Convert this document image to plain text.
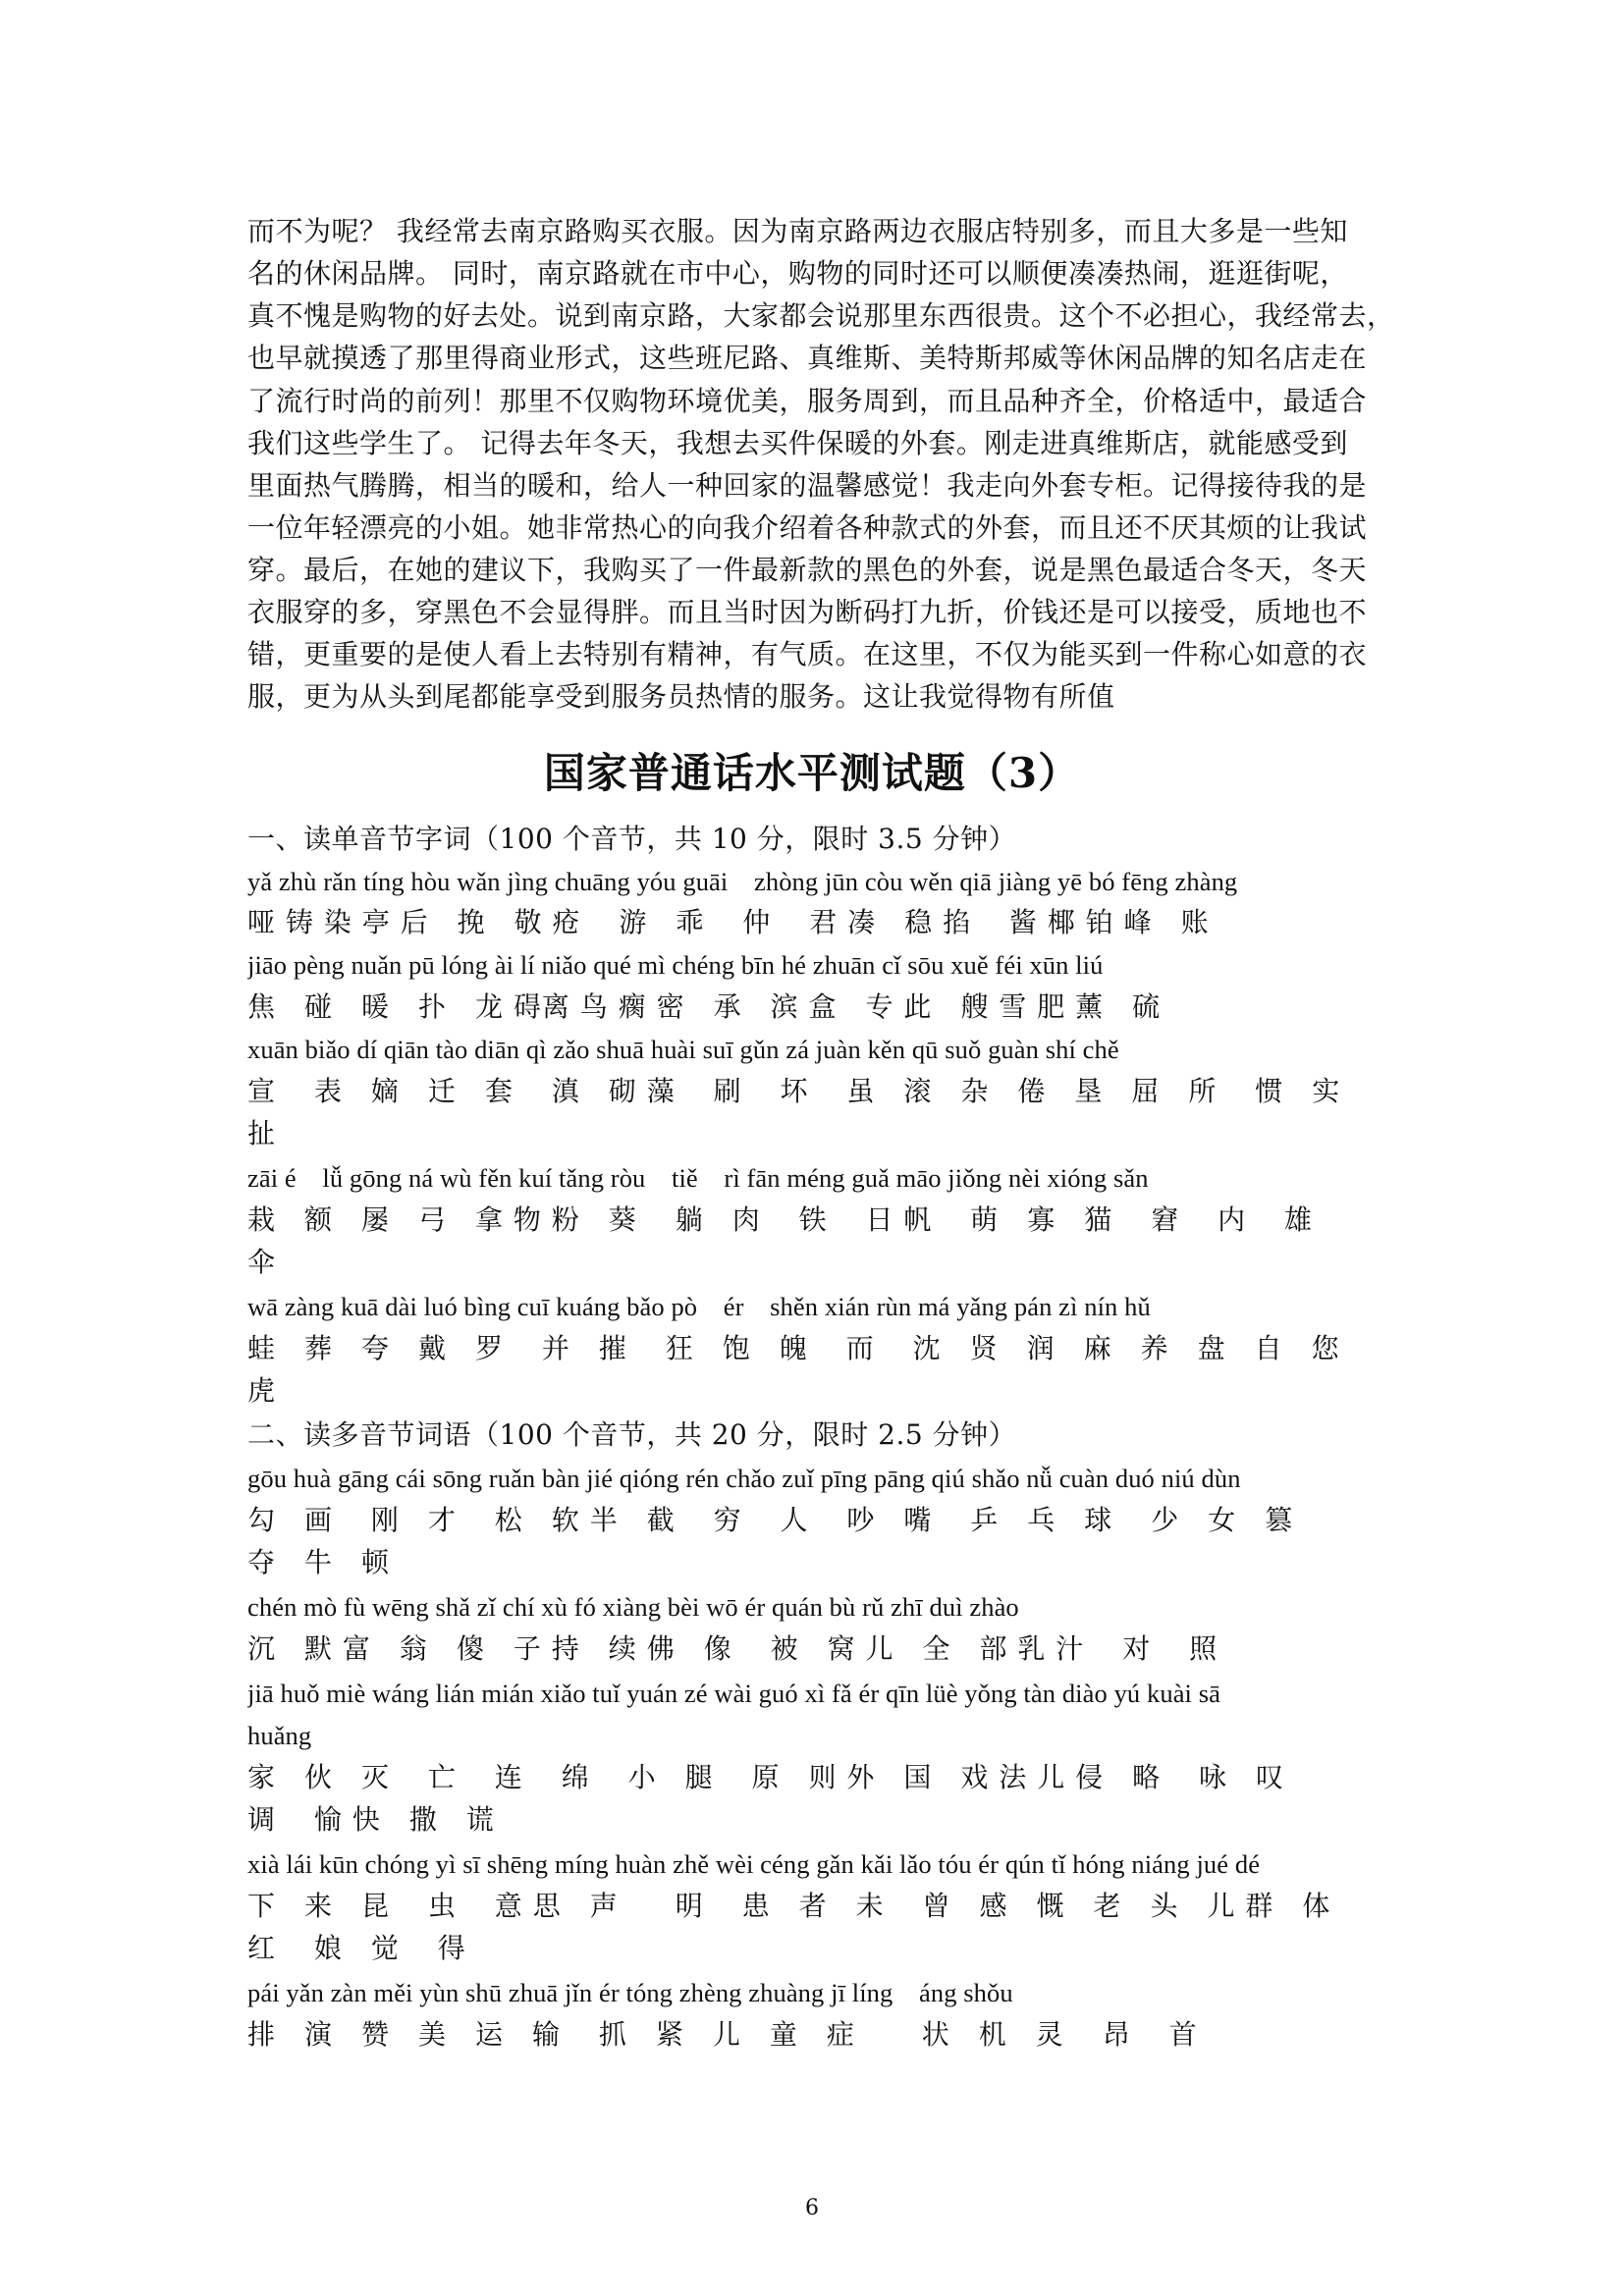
而不为呢？ 我经常去南京路购买衣服。因为南京路两边衣服店特别多，而且大多是一些知

名的休闲品牌。 同时，南京路就在市中心，购物的同时还可以顺便凑凑热闹，逛逛街呢，

真不愧是购物的好去处。说到南京路，大家都会说那里东西很贵。这个不必担心，我经常去，

也早就摸透了那里得商业形式，这些班尼路、真维斯、美特斯邦威等休闲品牌的知名店走在

了流行时尚的前列！那里不仅购物环境优美，服务周到，而且品种齐全，价格适中，最适合

我们这些学生了。 记得去年冬天，我想去买件保暖的外套。刚走进真维斯店，就能感受到

里面热气腾腾，相当的暖和，给人一种回家的温馨感觉！我走向外套专柜。记得接待我的是

一位年轻漂亮的小姐。她非常热心的向我介绍着各种款式的外套，而且还不厌其烦的让我试

穿。最后，在她的建议下，我购买了一件最新款的黑色的外套，说是黑色最适合冬天，冬天

衣服穿的多，穿黑色不会显得胖。而且当时因为断码打九折，价钱还是可以接受，质地也不

错，更重要的是使人看上去特别有精神，有气质。在这里，不仅为能买到一件称心如意的衣

服，更为从头到尾都能享受到服务员热情的服务。这让我觉得物有所值

国家普通话水平测试题（3）

一、读单音节字词（100 个音节，共 10 分，限时 3.5 分钟）

yǎ zhù rǎn tíng hòu wǎn jìng chuāng yóu guāi　zhòng jūn còu wěn qiā jiàng yē bó fēng zhàng

哑 铸 染 亭 后　挽　敬 疮　 游　乖　 仲　 君 凑　稳 掐　 酱 椰 铂 峰　账

jiāo pèng nuǎn pū lóng ài lí niǎo qué mì chéng bīn hé zhuān cǐ sōu xuě féi xūn liú

焦　碰　暖　扑　龙 碍离 鸟 瘸 密　承　滨 盒　专 此　艘 雪 肥 薰　硫

xuān biǎo dí qiān tào diān qì zǎo shuā huài suī gǔn zá juàn kěn qū suǒ guàn shí chě

宣　 表　嫡　迁　套　 滇　砌 藻　 刷　 坏　 虽　滚　杂　倦　垦　屈　所　 惯　实

扯

zāi é　lǚ gōng ná wù fěn kuí tǎng ròu　tiě　rì fān méng guǎ māo jiǒng nèi xióng sǎn

栽　额　屡　弓　拿 物 粉　葵　 躺　肉　 铁　 日 帆　 萌　寡　猫　 窘　 内　 雄

伞

wā zàng kuā dài luó bìng cuī kuáng bǎo pò　ér　shěn xián rùn má yǎng pán zì nín hǔ

蛙　葬　夸　戴　罗　 并　摧　 狂　饱　魄　 而　 沈　贤　润　麻　养　盘　自　您

虎

二、读多音节词语（100 个音节，共 20 分，限时 2.5 分钟）

gōu huà gāng cái sōng ruǎn bàn jié qióng rén chǎo zuǐ pīng pāng qiú shǎo nǚ cuàn duó niú dùn

勾　画　 刚　才　 松　软 半　截　 穷　 人　 吵　嘴　 乒　乓　球　 少　女　篡

夺　牛　顿

chén mò fù wēng shǎ zǐ chí xù fó xiàng bèi wō ér quán bù rǔ zhī duì zhào

沉　默 富　翁　傻　子 持　续 佛　像　 被　窝 儿　全　部 乳 汁　 对　 照

jiā huǒ miè wáng lián mián xiǎo tuǐ yuán zé wài guó xì fǎ ér qīn lüè yǒng tàn diào yú kuài sā

huǎng

家　伙　灭　 亡　 连　 绵　 小　腿　 原　则 外　国　戏 法 儿 侵　略　 咏　叹

调　 愉 快　撒　谎

xià lái kūn chóng yì sī shēng míng huàn zhě wèi céng gǎn kǎi lǎo tóu ér qún tǐ hóng niáng jué dé

下　来　昆　 虫　 意 思　声　　明　 患　者　未　 曾　感　慨　老　头　儿 群　体

红　 娘　觉　 得

pái yǎn zàn měi yùn shū zhuā jǐn ér tóng zhèng zhuàng jī líng　áng shǒu

排　演　赞　美　运　输　 抓　紧　儿　童　症　　 状　机　灵　 昂　 首

6
